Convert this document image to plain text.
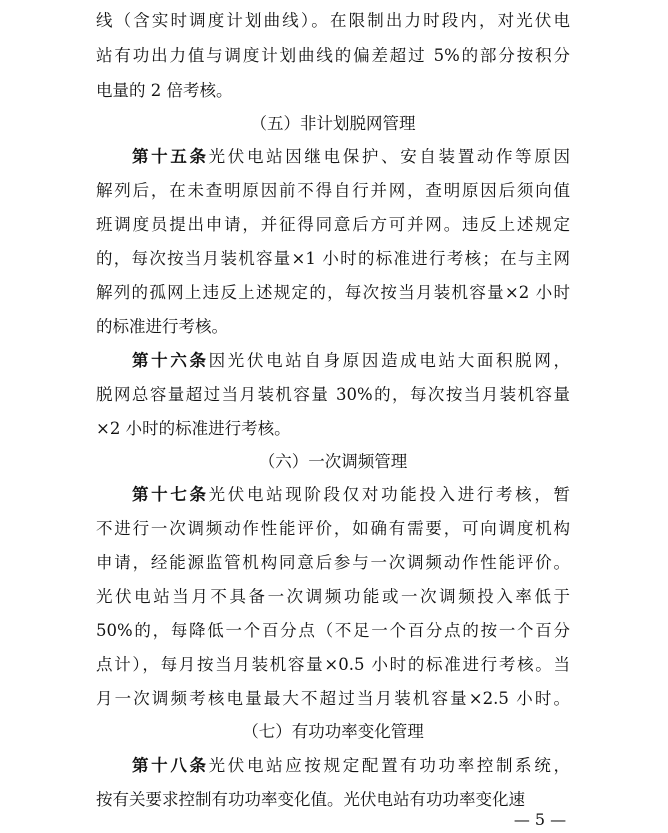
线（含实时调度计划曲线）。在限制出力时段内，对光伏电
站有功出力值与调度计划曲线的偏差超过 5%的部分按积分
电量的 2 倍考核。
（五）非计划脱网管理
第十五条光伏电站因继电保护、安自装置动作等原因
解列后，在未查明原因前不得自行并网，查明原因后须向值
班调度员提出申请，并征得同意后方可并网。违反上述规定
的，每次按当月装机容量×1 小时的标准进行考核；在与主网
解列的孤网上违反上述规定的，每次按当月装机容量×2 小时
的标准进行考核。
第十六条因光伏电站自身原因造成电站大面积脱网，
脱网总容量超过当月装机容量 30%的，每次按当月装机容量
×2 小时的标准进行考核。
（六）一次调频管理
第十七条光伏电站现阶段仅对功能投入进行考核，暂
不进行一次调频动作性能评价，如确有需要，可向调度机构
申请，经能源监管机构同意后参与一次调频动作性能评价。
光伏电站当月不具备一次调频功能或一次调频投入率低于
50%的，每降低一个百分点（不足一个百分点的按一个百分
点计），每月按当月装机容量×0.5 小时的标准进行考核。当
月一次调频考核电量最大不超过当月装机容量×2.5 小时。
（七）有功功率变化管理
第十八条光伏电站应按规定配置有功功率控制系统，
按有关要求控制有功功率变化值。光伏电站有功功率变化速
— 5 —
